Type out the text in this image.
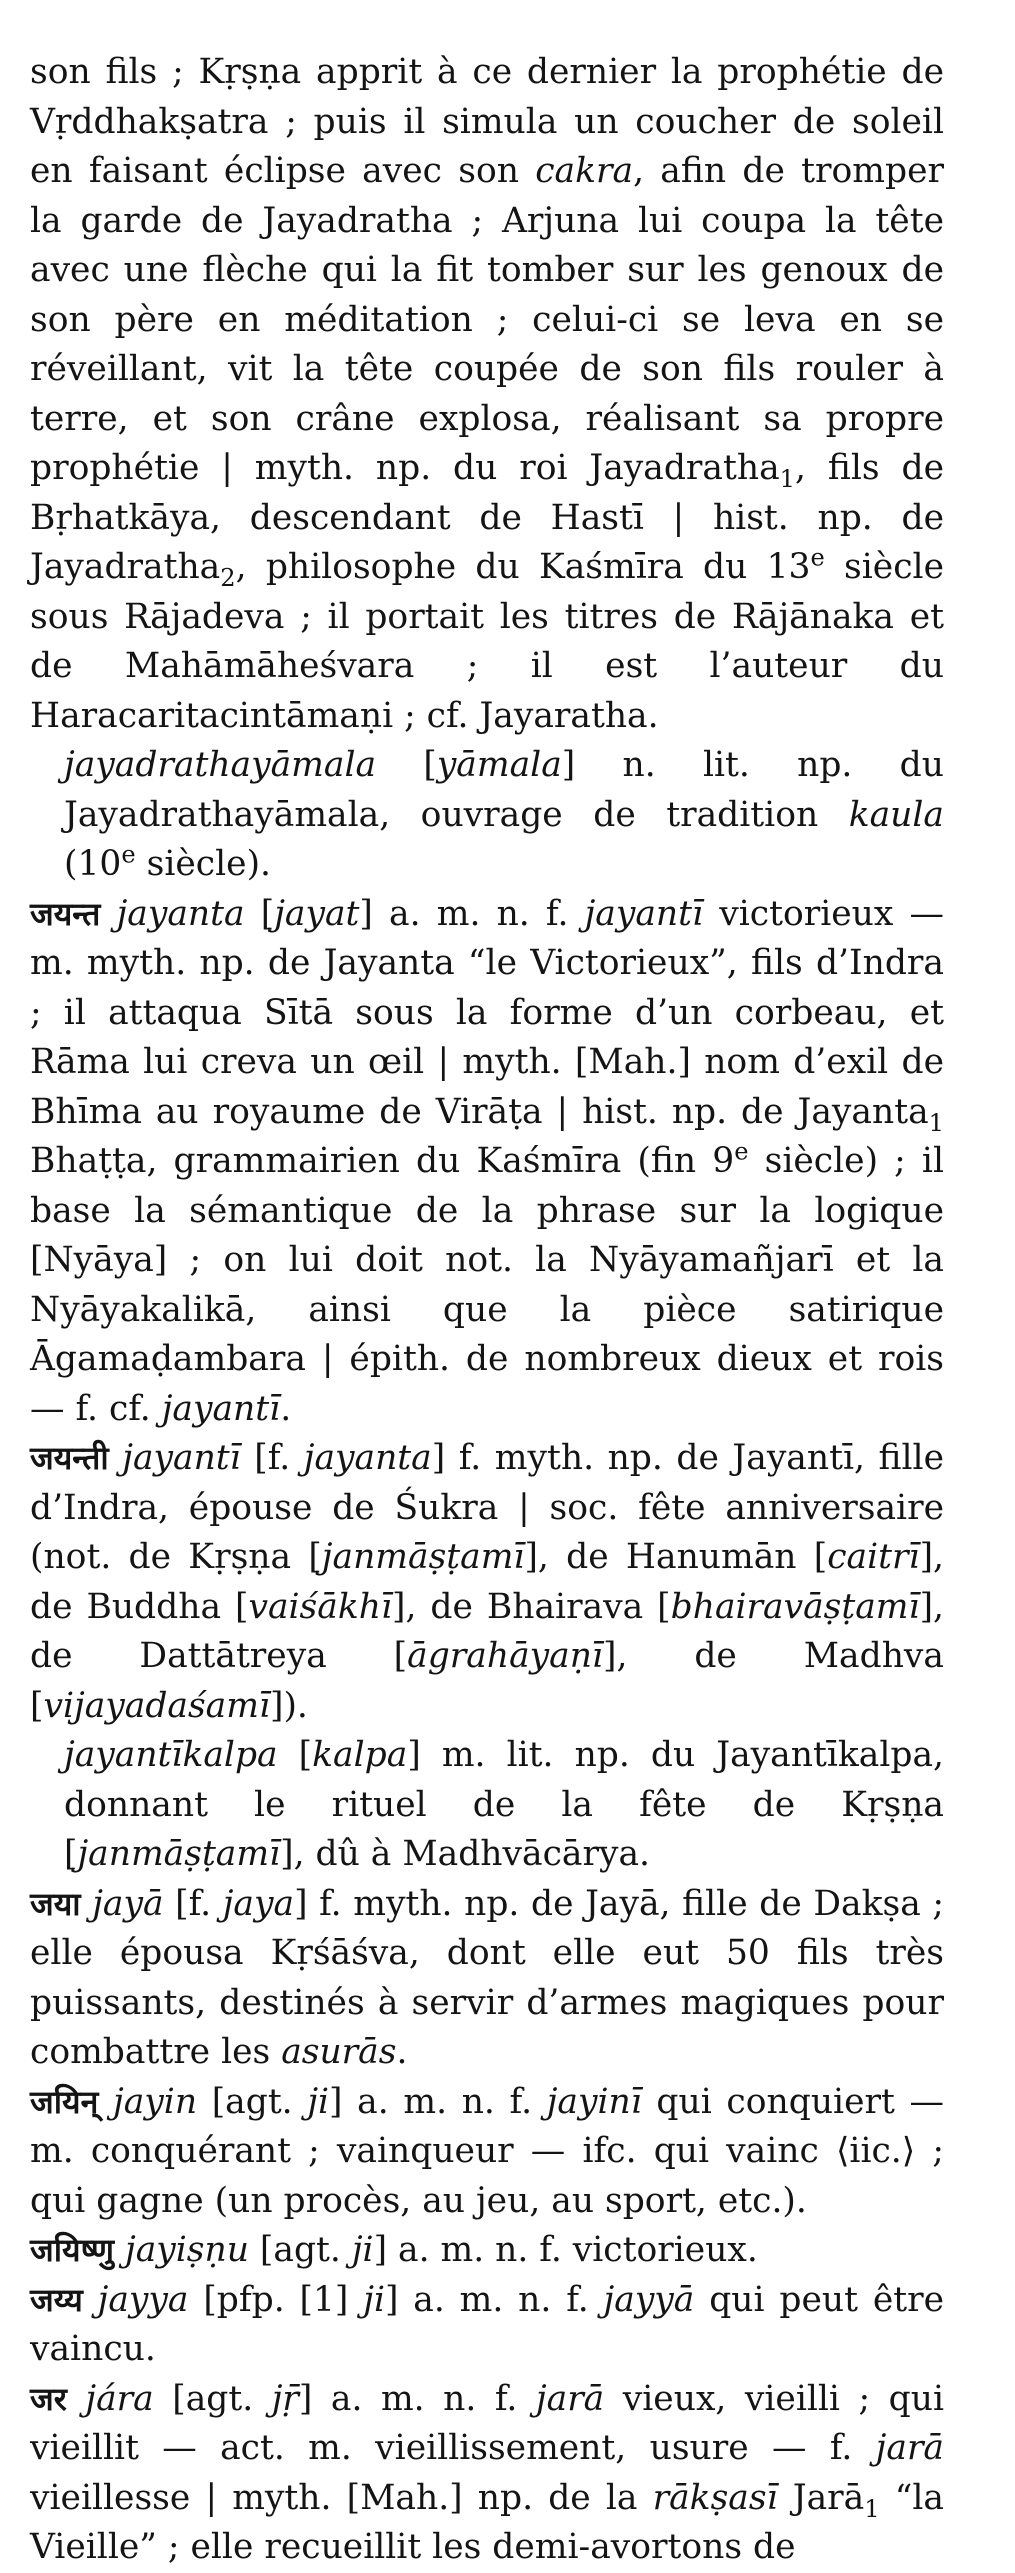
son fils ; Kṛṣṇa apprit à ce dernier la prophétie de Vṛddhakṣatra ; puis il simula un coucher de soleil en faisant éclipse avec son cakra, afin de tromper la garde de Jayadratha ; Arjuna lui coupa la tête avec une flèche qui la fit tomber sur les genoux de son père en méditation ; celui-ci se leva en se réveillant, vit la tête coupée de son fils rouler à terre, et son crâne explosa, réalisant sa propre prophétie | myth. np. du roi Jayadratha$_1$, fils de Bṛhatkāya, descendant de Hastī | hist. np. de Jayadratha$_2$, philosophe du Kaśmīra du 13e siècle sous Rājadeva ; il portait les titres de Rājānaka et de Mahāmāheśvara ; il est l’auteur du Haracaritacintāmaṇi ; cf. Jayaratha.

jayadrathayāmala [yāmala] n. lit. np. du Jayadrathayāmala, ouvrage de tradition kaula (10e siècle).

जयन्त jayanta [jayat] a. m. n. f. jayantī victorieux — m. myth. np. de Jayanta “le Victorieux”, fils d’Indra ; il attaqua Sītā sous la forme d’un corbeau, et Rāma lui creva un œil | myth. [Mah.] nom d’exil de Bhīma au royaume de Virāṭa | hist. np. de Jayanta$_1$ Bhaṭṭa, grammairien du Kaśmīra (fin 9e siècle) ; il base la sémantique de la phrase sur la logique [Nyāya] ; on lui doit not. la Nyāyamañjarī et la Nyāyakalikā, ainsi que la pièce satirique Āgamaḍambara | épith. de nombreux dieux et rois — f. cf. jayantī.

जयन्ती jayantī [f. jayanta] f. myth. np. de Jayantī, fille d’Indra, épouse de Śukra | soc. fête anniversaire (not. de Kṛṣṇa [janmāṣṭamī], de Hanumān [caitrī], de Buddha [vaiśākhī], de Bhairava [bhairavāṣṭamī], de Dattātreya [āgrahāyaṇī], de Madhva [vijayadaśamī]).

jayantīkalpa [kalpa] m. lit. np. du Jayantīkalpa, donnant le rituel de la fête de Kṛṣṇa [janmāṣṭamī], dû à Madhvācārya.

जया jayā [f. jaya] f. myth. np. de Jayā, fille de Dakṣa ; elle épousa Kṛśāśva, dont elle eut 50 fils très puissants, destinés à servir d’armes magiques pour combattre les asurās.

जयिन् jayin [agt. ji] a. m. n. f. jayinī qui conquiert — m. conquérant ; vainqueur — ifc. qui vainc ⟨iic.⟩ ; qui gagne (un procès, au jeu, au sport, etc.).

जयिष्णु jayiṣṇu [agt. ji] a. m. n. f. victorieux.

जय्य jayya [pfp. [1] ji] a. m. n. f. jayyā qui peut être vaincu.

जर jára [agt. jṝ] a. m. n. f. jarā vieux, vieilli ; qui vieillit — act. m. vieillissement, usure — f. jarā vieillesse | myth. [Mah.] np. de la rākṣasī Jarā$_1$ “la Vieille” ; elle recueillit les demi-avortons de
